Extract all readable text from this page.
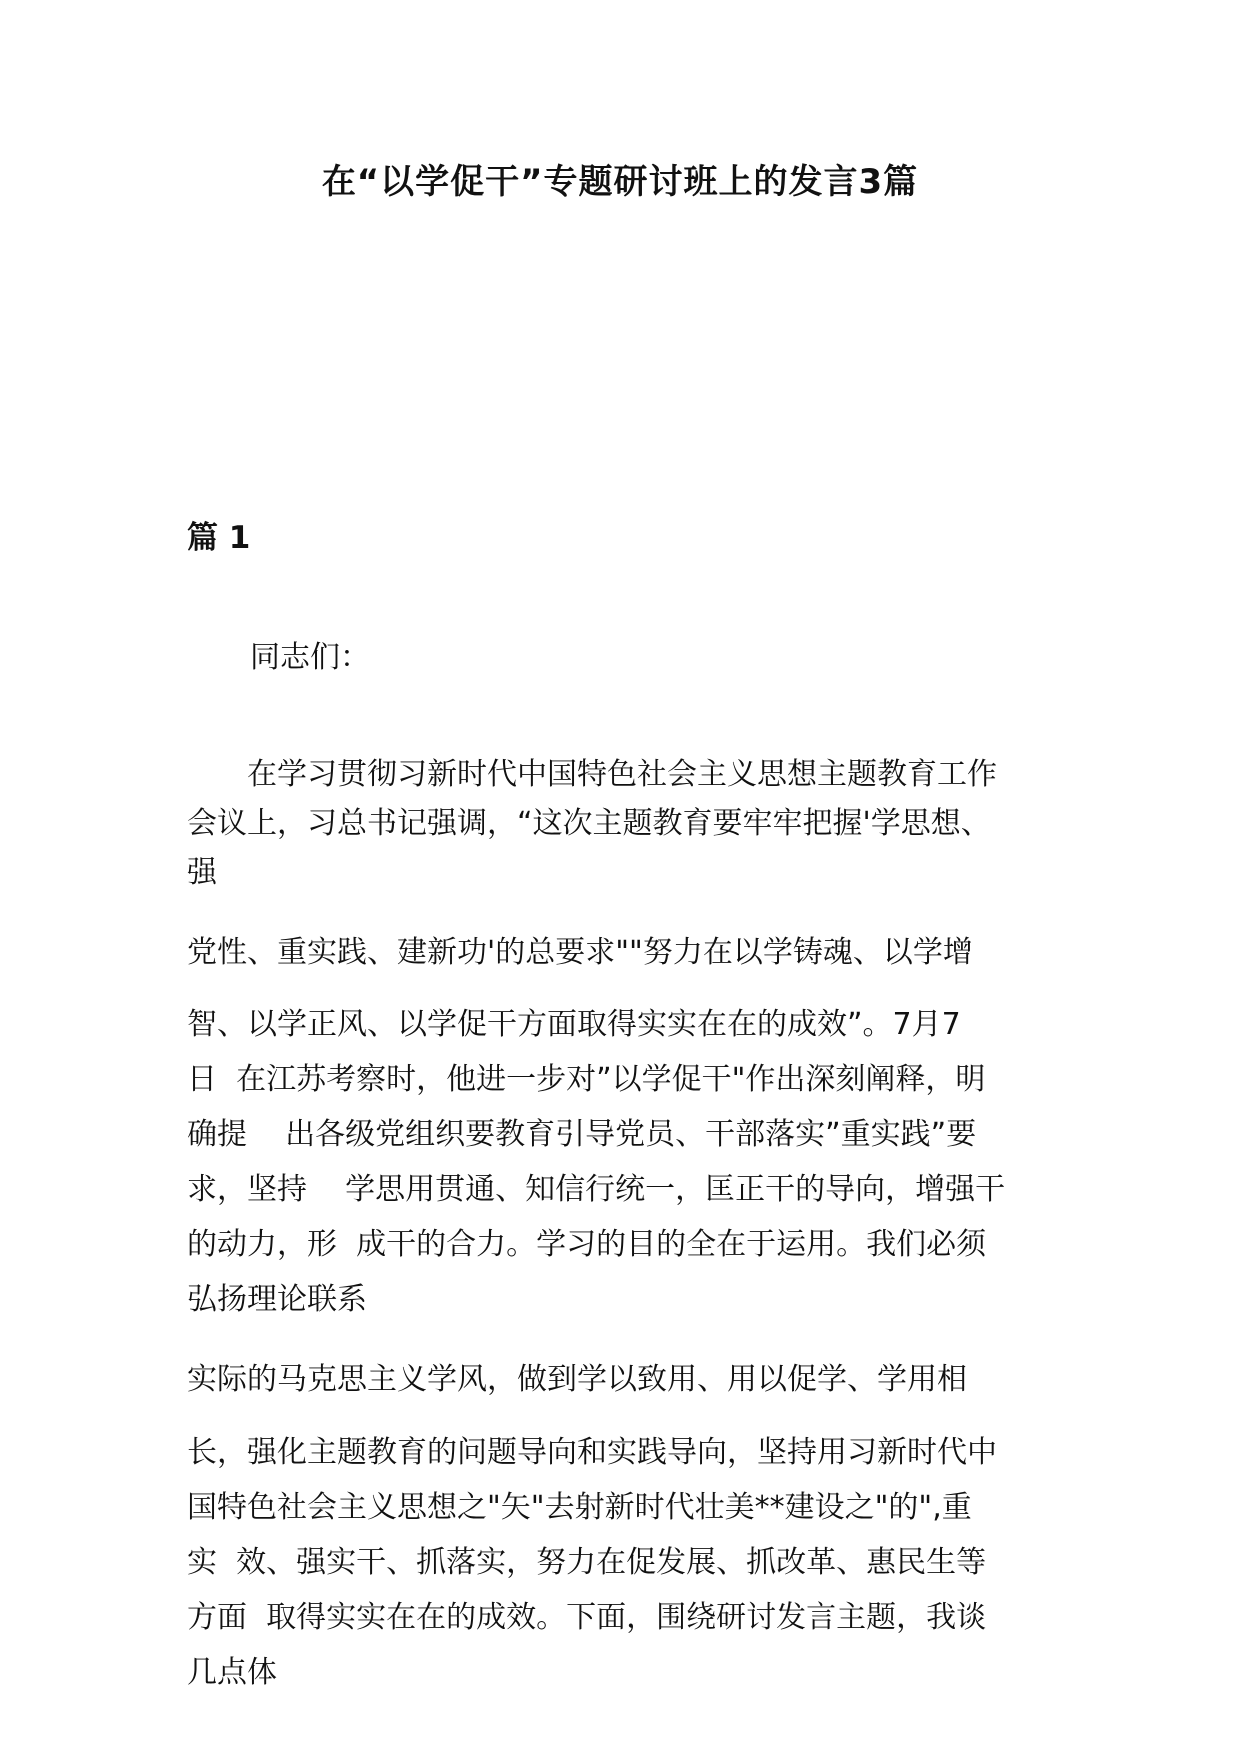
在“以学促干”专题研讨班上的发言3篇
篇 1
同志们：
　　在学习贯彻习新时代中国特色社会主义思想主题教育工作
会议上，习总书记强调，“这次主题教育要牢牢把握'学思想、
强
党性、重实践、建新功'的总要求""努力在以学铸魂、以学增
智、以学正风、以学促干方面取得实实在在的成效”。7月7
日  在江苏考察时，他进一步对”以学促干"作出深刻阐释，明
确提    出各级党组织要教育引导党员、干部落实”重实践”要
求，坚持    学思用贯通、知信行统一，匡正干的导向，增强干
的动力，形  成干的合力。学习的目的全在于运用。我们必须
弘扬理论联系
实际的马克思主义学风，做到学以致用、用以促学、学用相
长，强化主题教育的问题导向和实践导向，坚持用习新时代中
国特色社会主义思想之"矢"去射新时代壮美**建设之"的",重
实  效、强实干、抓落实，努力在促发展、抓改革、惠民生等
方面  取得实实在在的成效。下面，围绕研讨发言主题，我谈
几点体
